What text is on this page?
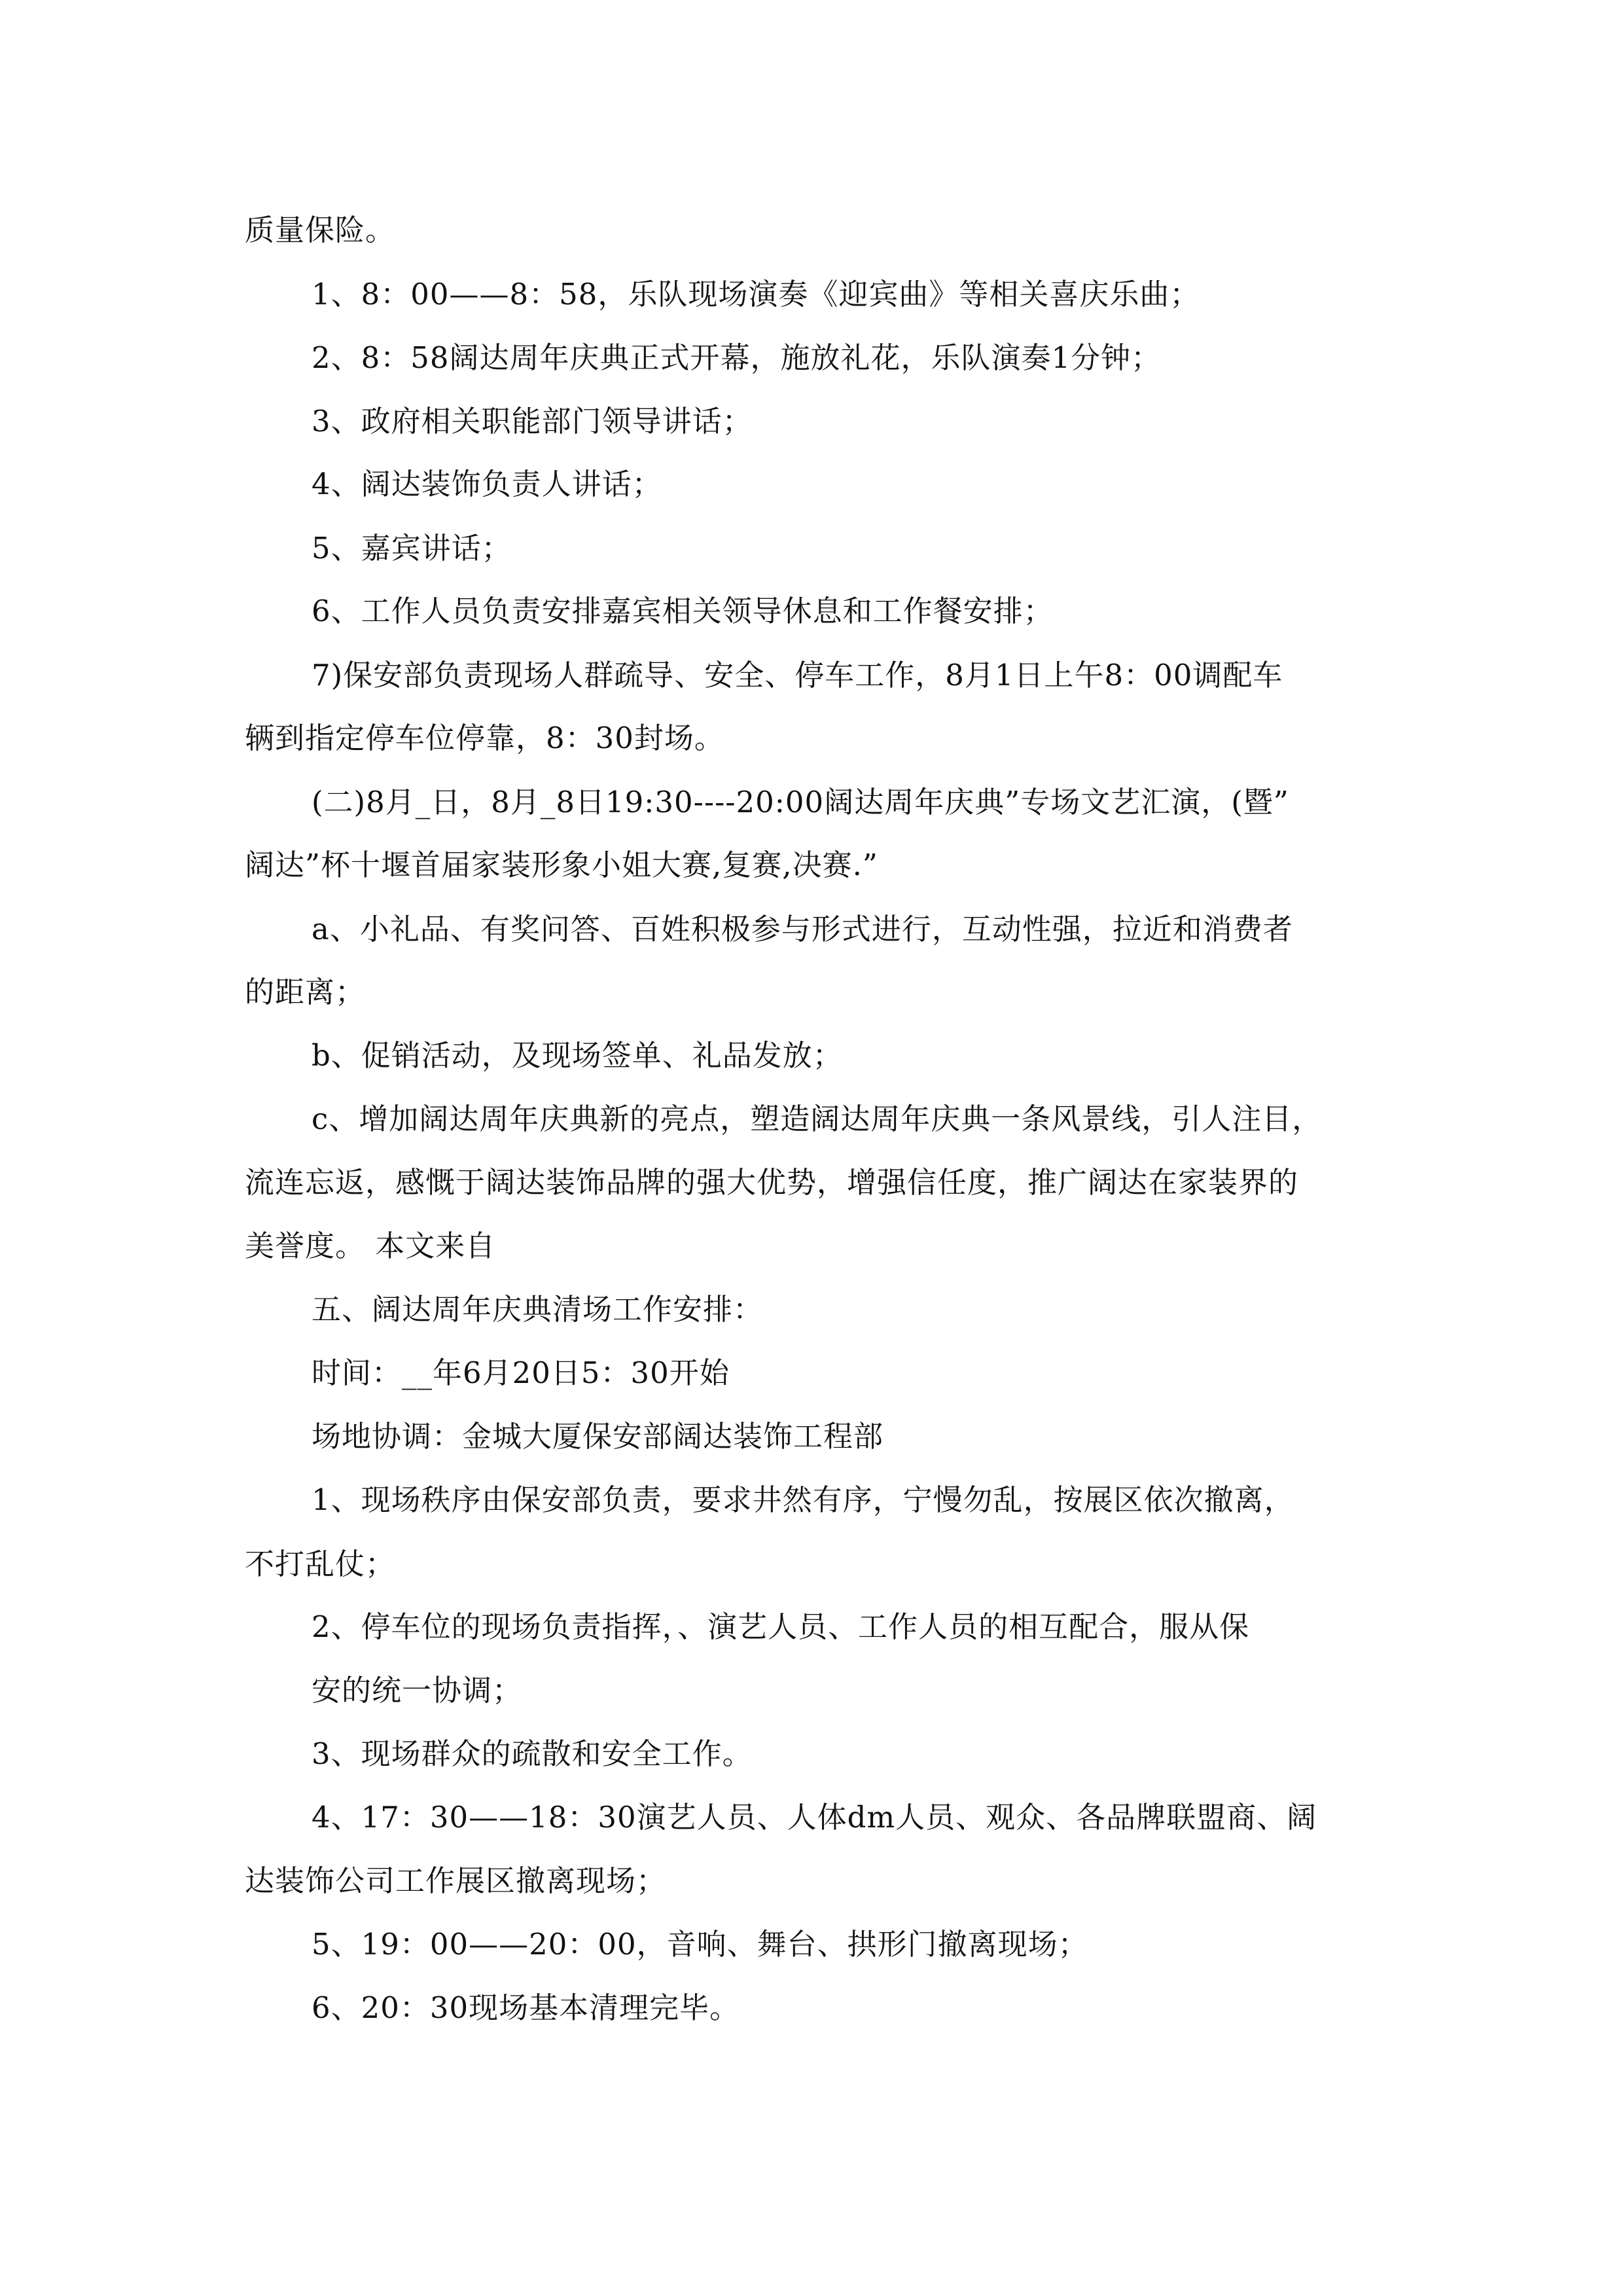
质量保险。
1、8：00——8：58，乐队现场演奏《迎宾曲》等相关喜庆乐曲；
2、8：58阔达周年庆典正式开幕，施放礼花，乐队演奏1分钟；
3、政府相关职能部门领导讲话；
4、阔达装饰负责人讲话；
5、嘉宾讲话；
6、工作人员负责安排嘉宾相关领导休息和工作餐安排；
7)保安部负责现场人群疏导、安全、停车工作，8月1日上午8：00调配车
辆到指定停车位停靠，8：30封场。
(二)8月_日，8月_8日19:30----20:00阔达周年庆典”专场文艺汇演，(暨”
阔达”杯十堰首届家装形象小姐大赛,复赛,决赛.”
a、小礼品、有奖问答、百姓积极参与形式进行，互动性强，拉近和消费者
的距离；
b、促销活动，及现场签单、礼品发放；
c、增加阔达周年庆典新的亮点，塑造阔达周年庆典一条风景线，引人注目，
流连忘返，感慨于阔达装饰品牌的强大优势，增强信任度，推广阔达在家装界的
美誉度。 本文来自
五、阔达周年庆典清场工作安排：
时间：__年6月20日5：30开始
场地协调：金城大厦保安部阔达装饰工程部
1、现场秩序由保安部负责，要求井然有序，宁慢勿乱，按展区依次撤离，
不打乱仗；
2、停车位的现场负责指挥，、演艺人员、工作人员的相互配合，服从保
安的统一协调；
3、现场群众的疏散和安全工作。
4、17：30——18：30演艺人员、人体dm人员、观众、各品牌联盟商、阔
达装饰公司工作展区撤离现场；
5、19：00——20：00，音响、舞台、拱形门撤离现场；
6、20：30现场基本清理完毕。
